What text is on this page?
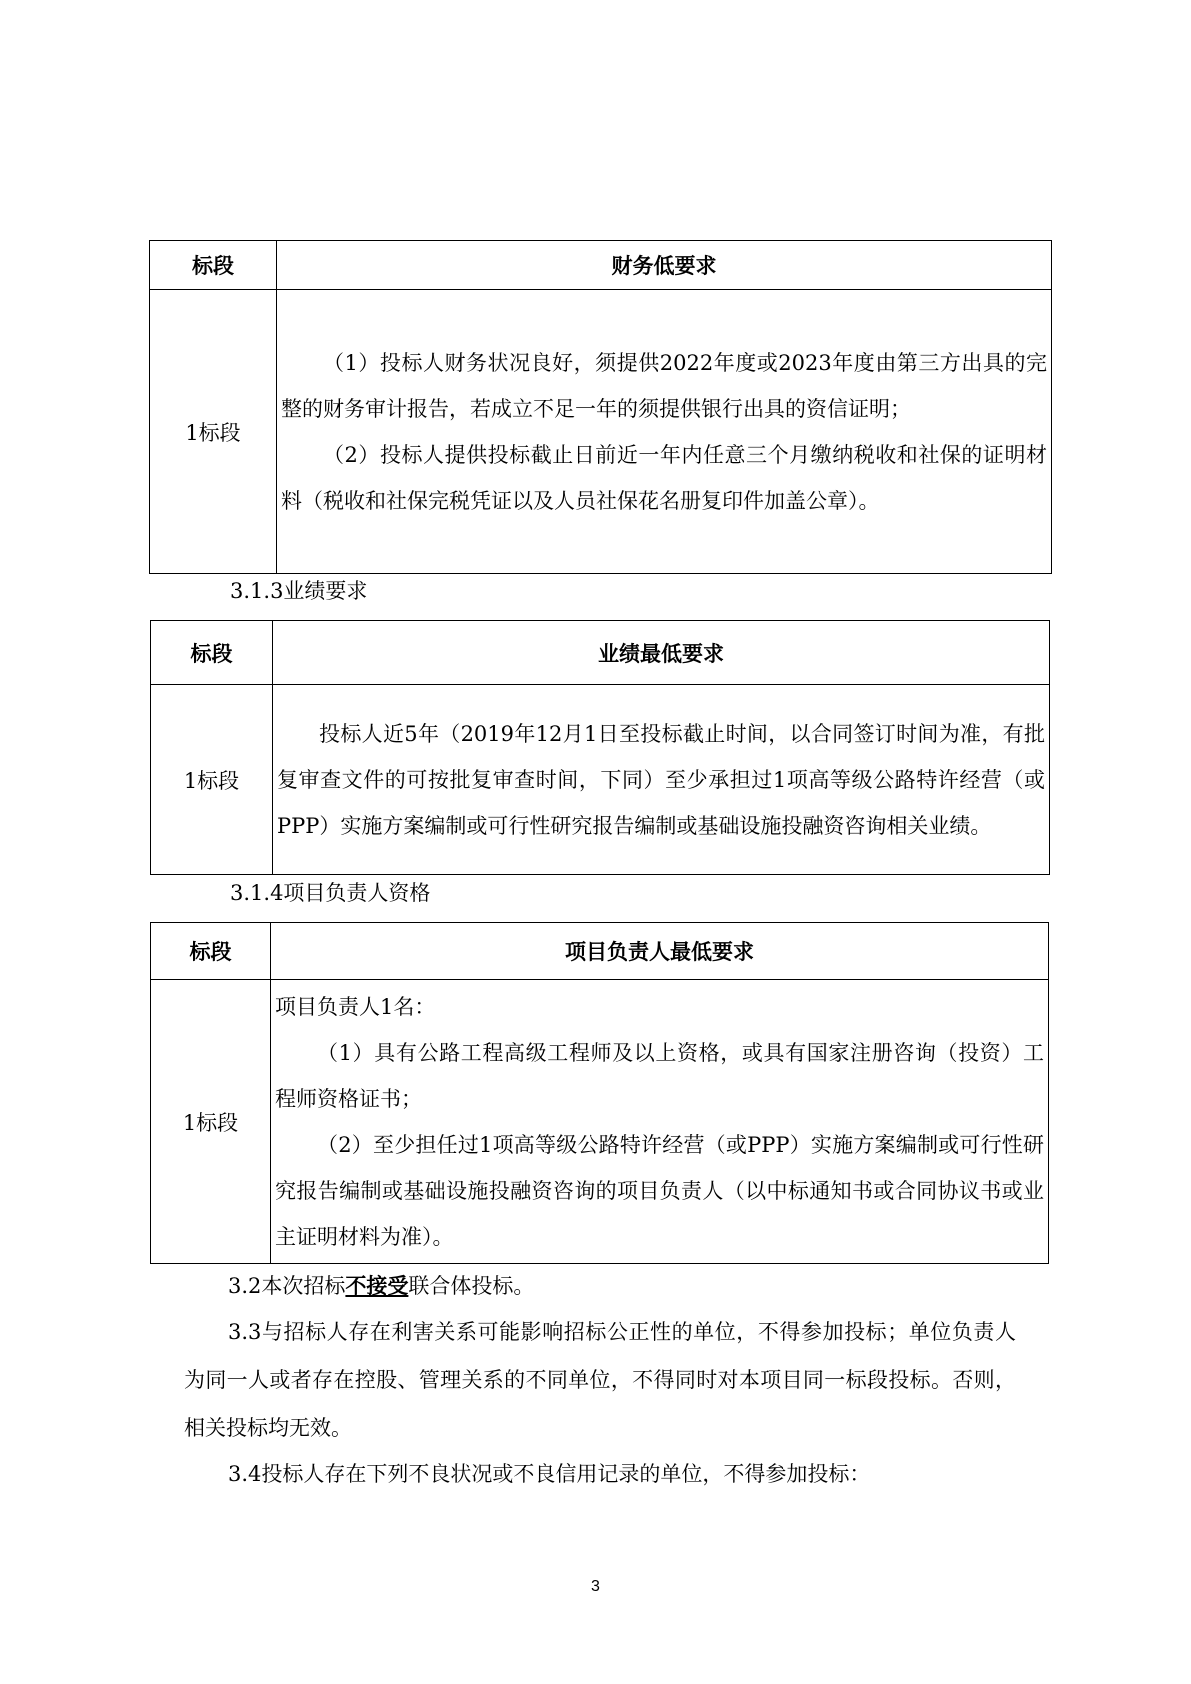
标段	财务低要求
1标段	（1）投标人财务状况良好，须提供2022年度或2023年度由第三方出具的完整的财务审计报告，若成立不足一年的须提供银行出具的资信证明；

（2）投标人提供投标截止日前近一年内任意三个月缴纳税收和社保的证明材料（税收和社保完税凭证以及人员社保花名册复印件加盖公章）。

3.1.3业绩要求
标段	业绩最低要求
1标段	投标人近5年（2019年12月1日至投标截止时间，以合同签订时间为准，有批复审查文件的可按批复审查时间，下同）至少承担过1项高等级公路特许经营（或PPP）实施方案编制或可行性研究报告编制或基础设施投融资咨询相关业绩。

3.1.4项目负责人资格
标段	项目负责人最低要求
1标段	项目负责人1名：

（1）具有公路工程高级工程师及以上资格，或具有国家注册咨询（投资）工程师资格证书；

（2）至少担任过1项高等级公路特许经营（或PPP）实施方案编制或可行性研究报告编制或基础设施投融资咨询的项目负责人（以中标通知书或合同协议书或业主证明材料为准）。

3.2本次招标不接受联合体投标。

3.3与招标人存在利害关系可能影响招标公正性的单位，不得参加投标；单位负责人为同一人或者存在控股、管理关系的不同单位，不得同时对本项目同一标段投标。否则，相关投标均无效。

3.4投标人存在下列不良状况或不良信用记录的单位，不得参加投标：

3
